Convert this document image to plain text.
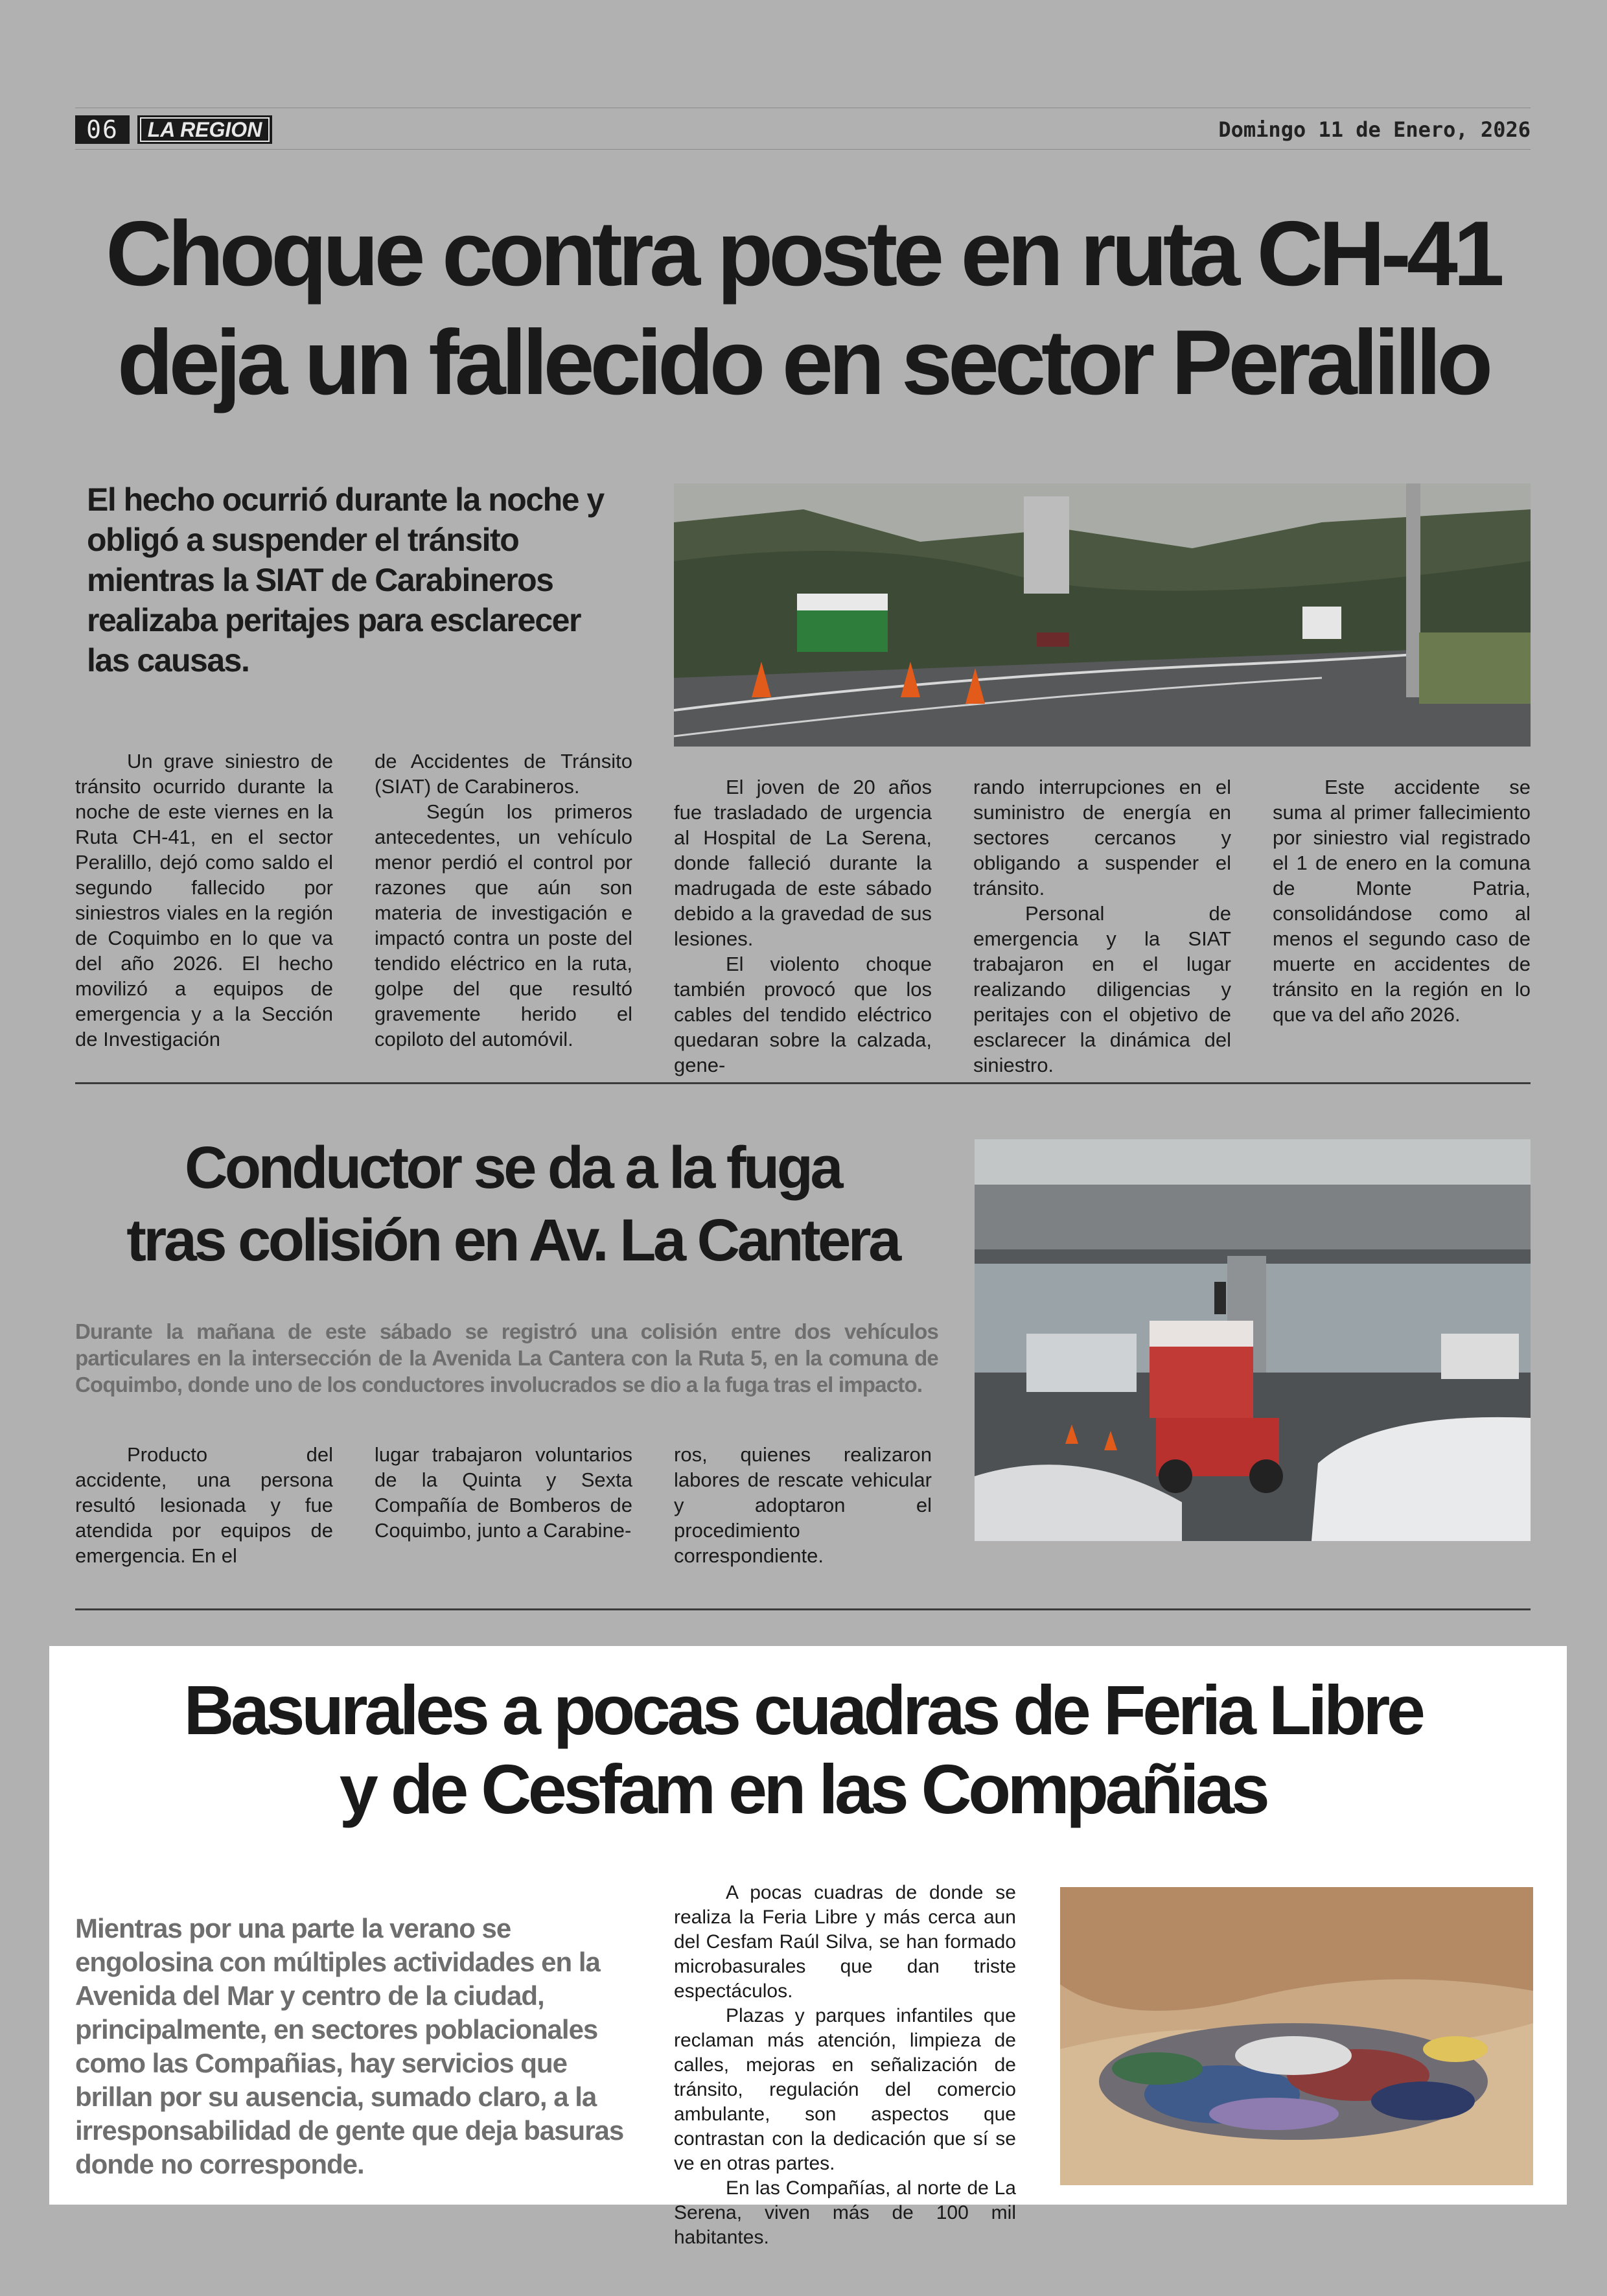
06	LA REGION	Domingo 11 de Enero, 2026
Choque contra poste en ruta CH-41
deja un fallecido en sector Peralillo

El hecho ocurrió durante la noche y obligó a suspender el tránsito mientras la SIAT de Carabineros realizaba peritajes para esclarecer las causas.

Un grave siniestro de tránsito ocurrido durante la noche de este viernes en la Ruta CH-41, en el sector Peralillo, dejó como saldo el segundo fallecido por siniestros viales en la región de Coquimbo en lo que va del año 2026. El hecho movilizó a equipos de emergencia y a la Sección de Investigación

de Accidentes de Tránsito (SIAT) de Carabineros.

Según los primeros antecedentes, un vehículo menor perdió el control por razones que aún son materia de investigación e impactó contra un poste del tendido eléctrico en la ruta, golpe del que resultó gravemente herido el copiloto del automóvil.

El joven de 20 años fue trasladado de urgencia al Hospital de La Serena, donde falleció durante la madrugada de este sábado debido a la gravedad de sus lesiones.

El violento choque también provocó que los cables del tendido eléctrico quedaran sobre la calzada, gene-

rando interrupciones en el suministro de energía en sectores cercanos y obligando a suspender el tránsito.

Personal de emergencia y la SIAT trabajaron en el lugar realizando diligencias y peritajes con el objetivo de esclarecer la dinámica del siniestro.

Este accidente se suma al primer fallecimiento por siniestro vial registrado el 1 de enero en la comuna de Monte Patria, consolidándose como al menos el segundo caso de muerte en accidentes de tránsito en la región en lo que va del año 2026.

Conductor se da a la fuga
tras colisión en Av. La Cantera

Durante la mañana de este sábado se registró una colisión entre dos vehículos particulares en la intersección de la Avenida La Cantera con la Ruta 5, en la comuna de Coquimbo, donde uno de los conductores involucrados se dio a la fuga tras el impacto.

Producto del accidente, una persona resultó lesionada y fue atendida por equipos de emergencia. En el

lugar trabajaron voluntarios de la Quinta y Sexta Compañía de Bomberos de Coquimbo, junto a Carabine-

ros, quienes realizaron labores de rescate vehicular y adoptaron el procedimiento correspondiente.

Basurales a pocas cuadras de Feria Libre
y de Cesfam en las Compañias

Mientras por una parte la verano se engolosina con múltiples actividades en la Avenida del Mar y centro de la ciudad, principalmente, en sectores poblacionales como las Compañias, hay servicios que brillan por su ausencia, sumado claro, a la irresponsabilidad de gente que deja basuras donde no corresponde.

A pocas cuadras de donde se realiza la Feria Libre y más cerca aun del Cesfam Raúl Silva, se han formado microbasurales que dan triste espectáculos.

Plazas y parques infantiles que reclaman más atención, limpieza de calles, mejoras en señalización de tránsito, regulación del comercio ambulante, son aspectos que contrastan con la dedicación que sí se ve en otras partes.

En las Compañías, al norte de La Serena, viven más de 100 mil habitantes.
